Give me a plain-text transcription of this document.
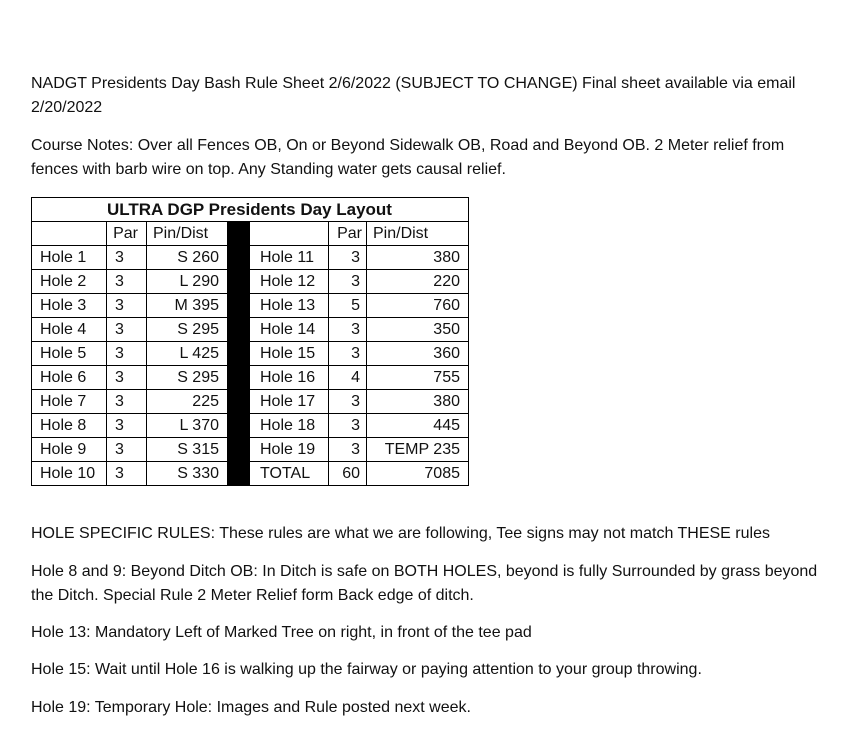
NADGT Presidents Day Bash Rule Sheet 2/6/2022 (SUBJECT TO CHANGE) Final sheet available via email 2/20/2022

Course Notes: Over all Fences OB, On or Beyond Sidewalk OB, Road and Beyond OB. 2 Meter relief from fences with barb wire on top. Any Standing water gets causal relief.

ULTRA DGP Presidents Day Layout						
	Par	Pin/Dist			Par	Pin/Dist
Hole 1	3	S 260		Hole 11	3	380
Hole 2	3	L 290		Hole 12	3	220
Hole 3	3	M 395		Hole 13	5	760
Hole 4	3	S 295		Hole 14	3	350
Hole 5	3	L 425		Hole 15	3	360
Hole 6	3	S 295		Hole 16	4	755
Hole 7	3	225		Hole 17	3	380
Hole 8	3	L 370		Hole 18	3	445
Hole 9	3	S 315		Hole 19	3	TEMP 235
Hole 10	3	S 330		TOTAL	60	7085

HOLE SPECIFIC RULES: These rules are what we are following, Tee signs may not match THESE rules

Hole 8 and 9: Beyond Ditch OB: In Ditch is safe on BOTH HOLES, beyond is fully Surrounded by grass beyond the Ditch. Special Rule 2 Meter Relief form Back edge of ditch.

Hole 13: Mandatory Left of Marked Tree on right, in front of the tee pad

Hole 15: Wait until Hole 16 is walking up the fairway or paying attention to your group throwing.

Hole 19: Temporary Hole: Images and Rule posted next week.
